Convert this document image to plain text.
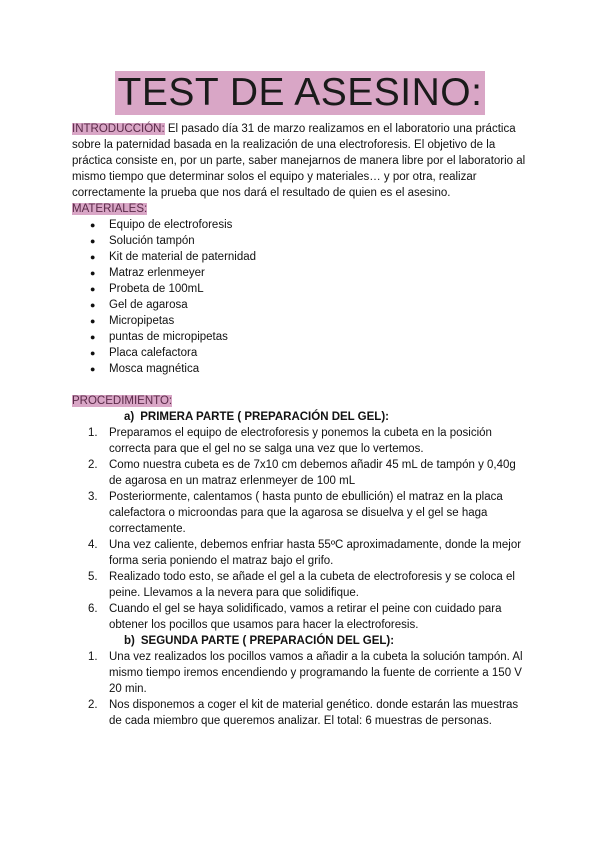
TEST DE ASESINO:

INTRODUCCIÓN: El pasado día 31 de marzo realizamos en el laboratorio una práctica sobre la paternidad basada en la realización de una electroforesis. El objetivo de la práctica consiste en, por un parte, saber manejarnos de manera libre por el laboratorio al mismo tiempo que determinar solos el equipo y materiales… y por otra, realizar correctamente la prueba que nos dará el resultado de quien es el asesino.

MATERIALES:

● Equipo de electroforesis
● Solución tampón
● Kit de material de paternidad
● Matraz erlenmeyer
● Probeta de 100mL
● Gel de agarosa
● Micropipetas
● puntas de micropipetas
● Placa calefactora
● Mosca magnética

PROCEDIMIENTO:

a) PRIMERA PARTE ( PREPARACIÓN DEL GEL):

1. Preparamos el equipo de electroforesis y ponemos la cubeta en la posición correcta para que el gel no se salga una vez que lo vertemos.
2. Como nuestra cubeta es de 7x10 cm debemos añadir 45 mL de tampón y 0,40g de agarosa en un matraz erlenmeyer de 100 mL
3. Posteriormente, calentamos ( hasta punto de ebullición) el matraz en la placa calefactora o microondas para que la agarosa se disuelva y el gel se haga correctamente.
4. Una vez caliente, debemos enfriar hasta 55ºC aproximadamente, donde la mejor forma seria poniendo el matraz bajo el grifo.
5. Realizado todo esto, se añade el gel a la cubeta de electroforesis y se coloca el peine. Llevamos a la nevera para que solidifique.
6. Cuando el gel se haya solidificado, vamos a retirar el peine con cuidado para obtener los pocillos que usamos para hacer la electroforesis.

b) SEGUNDA PARTE ( PREPARACIÓN DEL GEL):

1. Una vez realizados los pocillos vamos a añadir a la cubeta la solución tampón. Al mismo tiempo iremos encendiendo y programando la fuente de corriente a 150 V 20 min.
2. Nos disponemos a coger el kit de material genético. donde estarán las muestras de cada miembro que queremos analizar. El total: 6 muestras de personas.
